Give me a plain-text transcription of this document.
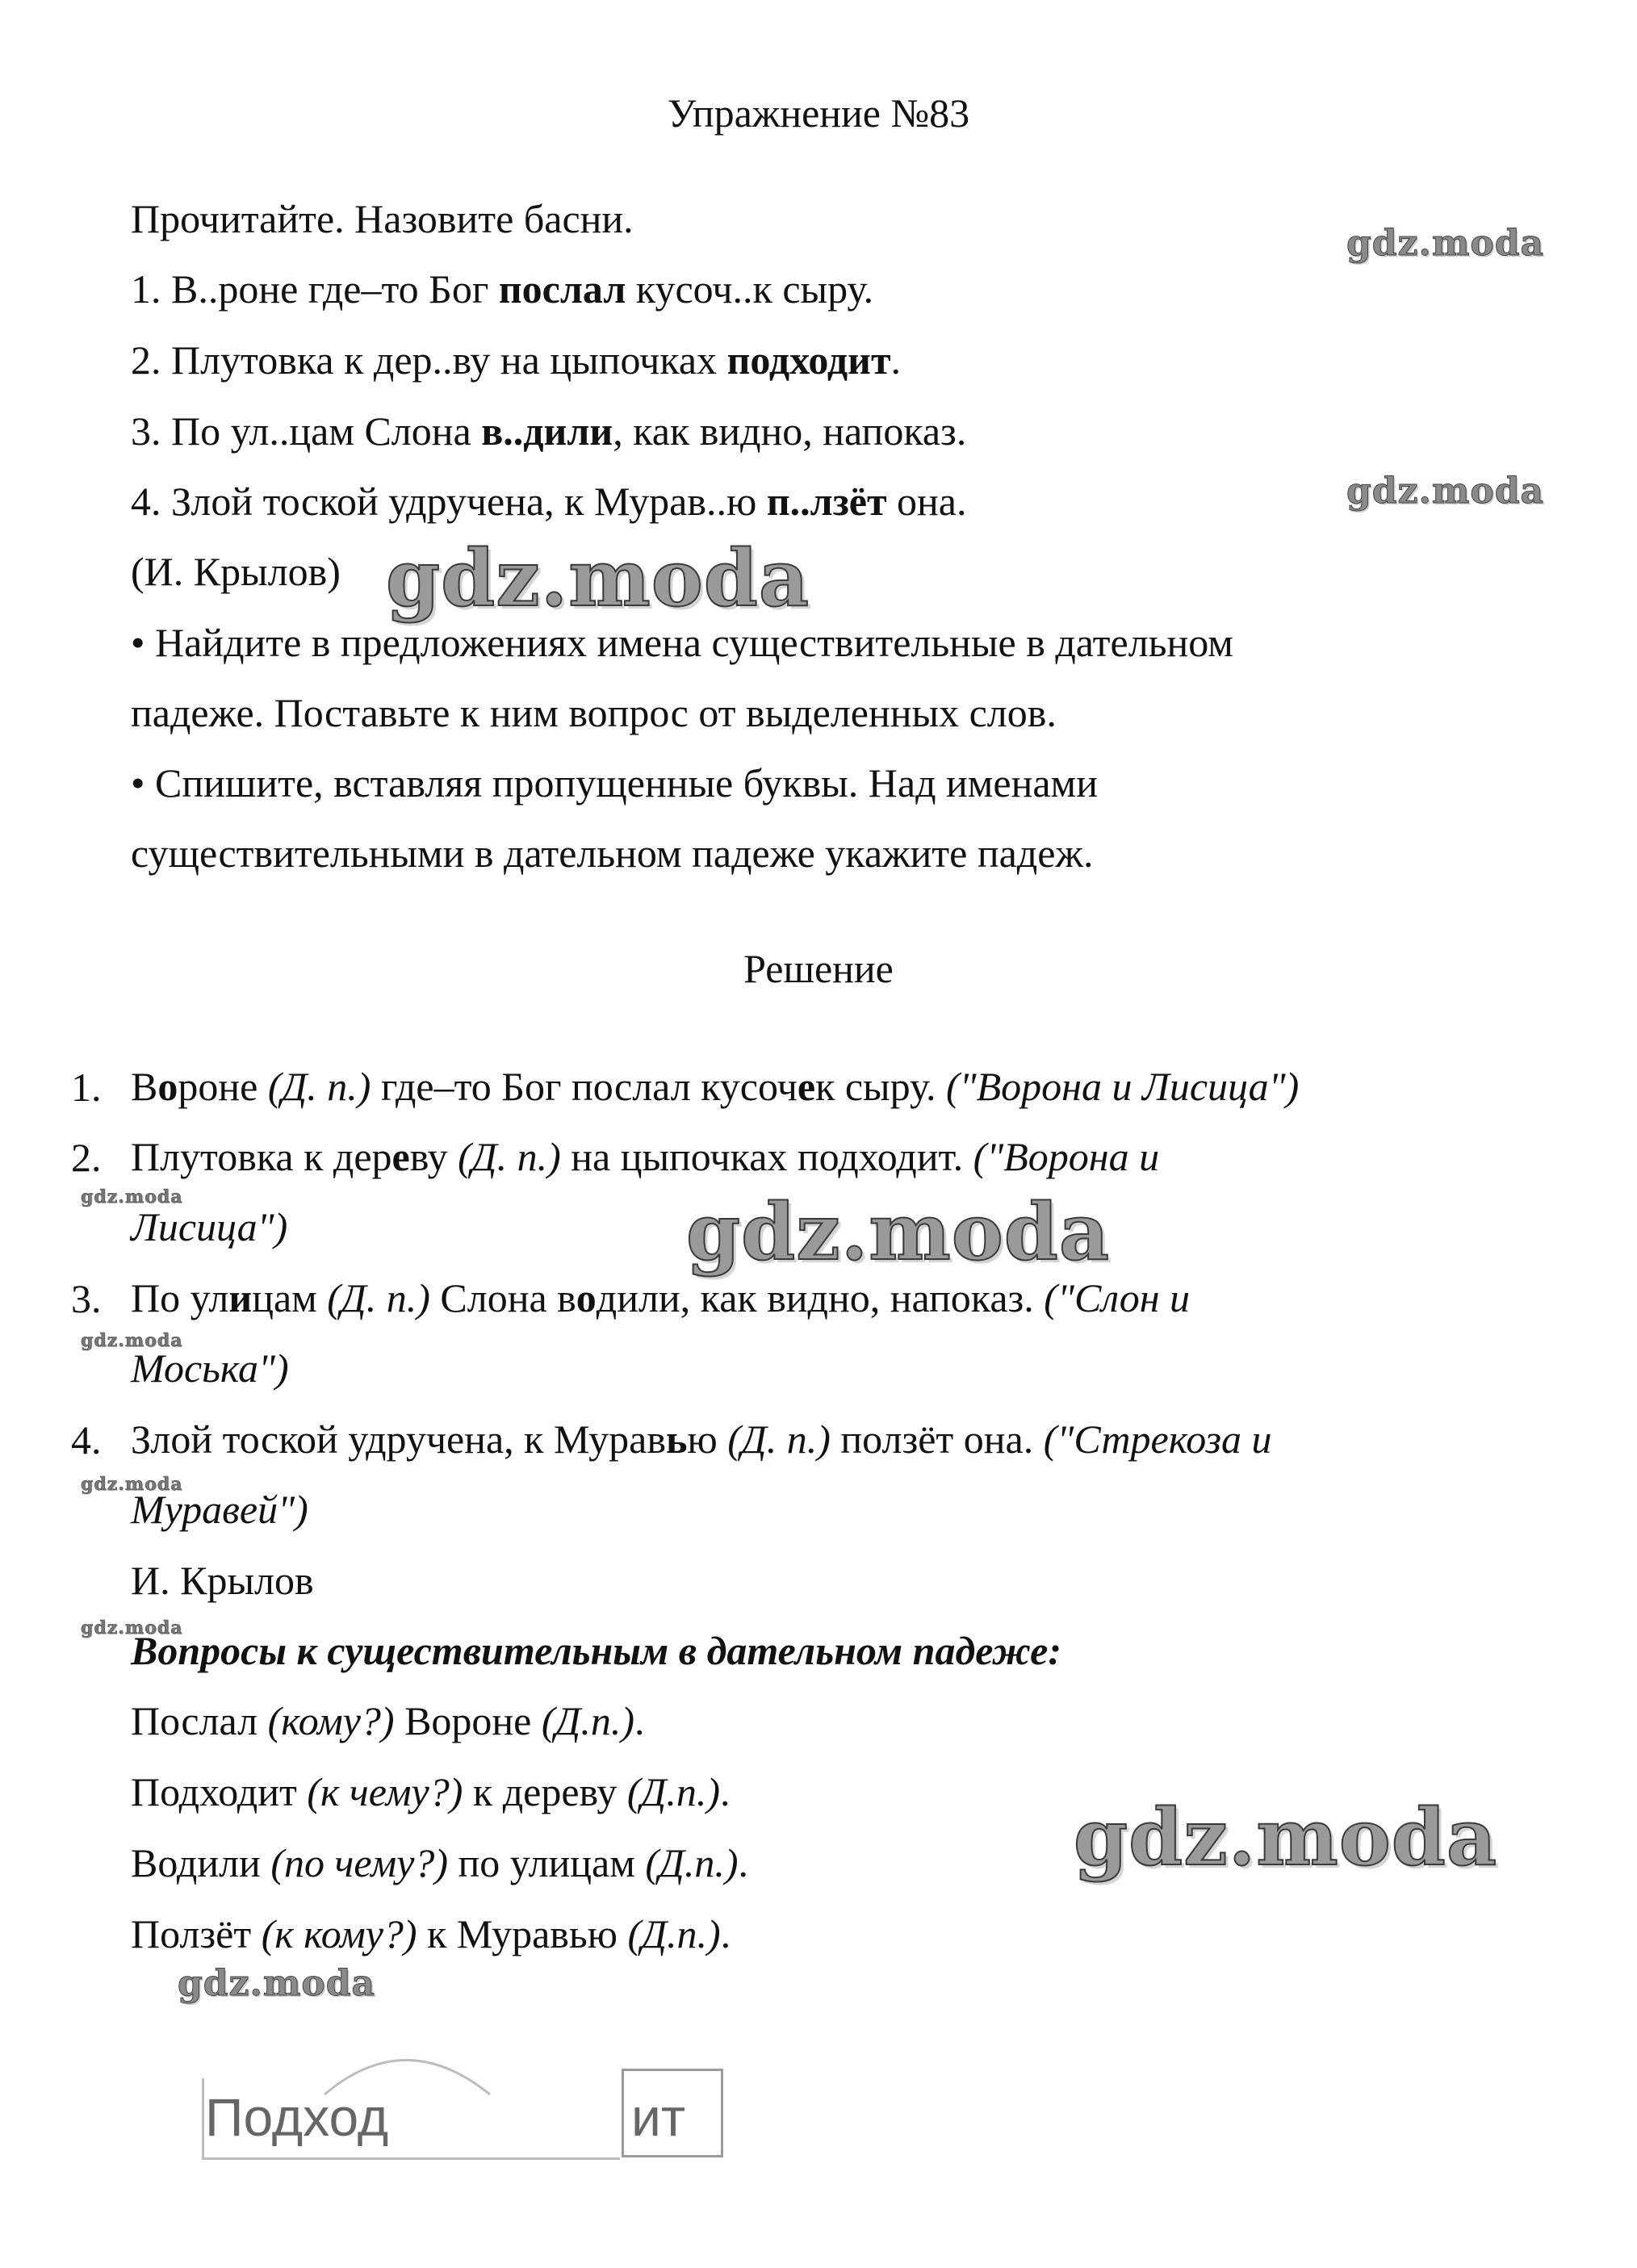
Упражнение №83
Прочитайте. Назовите басни.
1. В..роне где–то Бог послал кусоч..к сыру.
2. Плутовка к дер..ву на цыпочках подходит.
3. По ул..цам Слона в..дили, как видно, напоказ.
4. Злой тоской удручена, к Мурав..ю п..лзёт она.
(И. Крылов)
• Найдите в предложениях имена существительные в дательном
падеже. Поставьте к ним вопрос от выделенных слов.
• Спишите, вставляя пропущенные буквы. Над именами
существительными в дательном падеже укажите падеж.
Решение
1. Вороне (Д. п.) где–то Бог послал кусочек сыру. ("Ворона и Лисица")
2. Плутовка к дереву (Д. п.) на цыпочках подходит. ("Ворона и
Лисица")
3. По улицам (Д. п.) Слона водили, как видно, напоказ. ("Слон и
Моська")
4. Злой тоской удручена, к Муравью (Д. п.) ползёт она. ("Стрекоза и
Муравей")
И. Крылов
Вопросы к существительным в дательном падеже:
Послал (кому?) Вороне (Д.п.).
Подходит (к чему?) к дереву (Д.п.).
Водили (по чему?) по улицам (Д.п.).
Ползёт (к кому?) к Муравью (Д.п.).
Подход	ит
gdz.moda
gdz.moda
gdz.moda
gdz.moda	gdz.moda
gdz.moda
gdz.moda
gdz.moda
gdz.moda
gdz.moda
